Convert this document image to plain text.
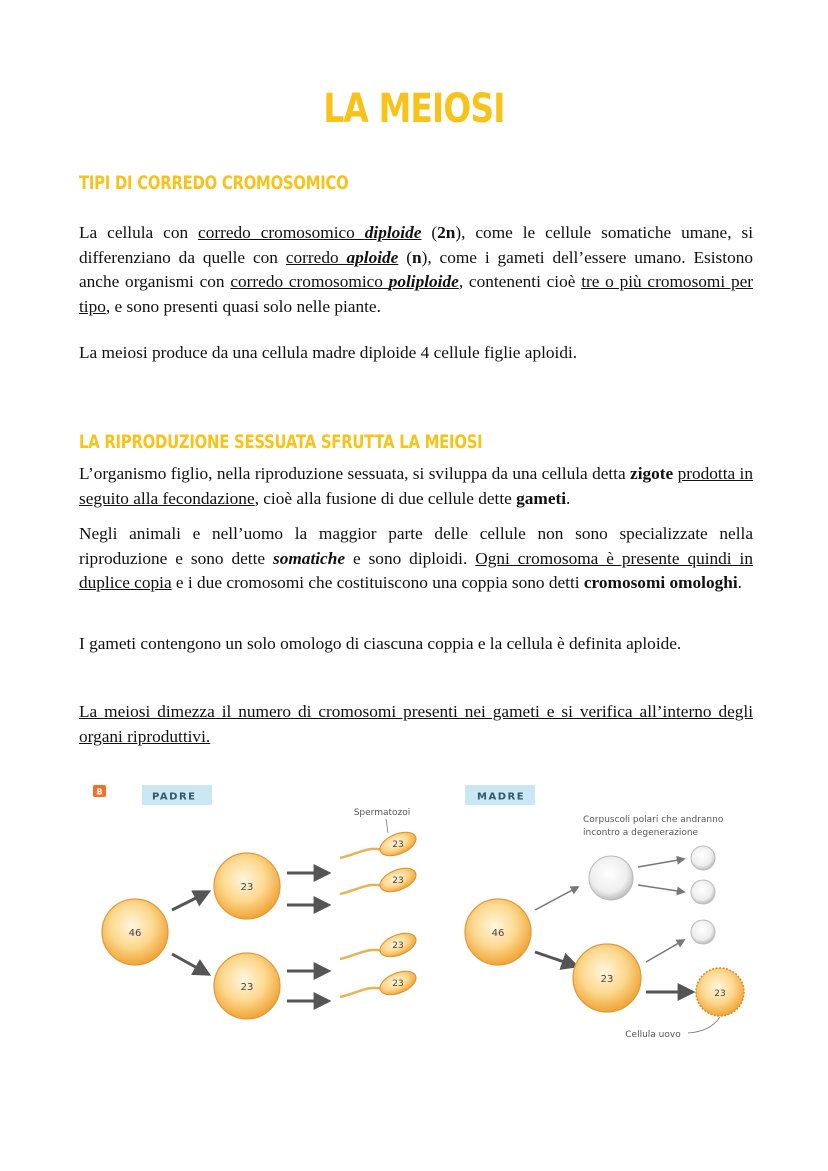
LA MEIOSI
TIPI DI CORREDO CROMOSOMICO
La cellula con corredo cromosomico diploide (2n), come le cellule somatiche umane, si differenziano da quelle con corredo aploide (n), come i gameti dell’essere umano. Esistono anche organismi con corredo cromosomico poliploide, contenenti cioè tre o più cromosomi per tipo, e sono presenti quasi solo nelle piante.
La meiosi produce da una cellula madre diploide 4 cellule figlie aploidi.
LA RIPRODUZIONE SESSUATA SFRUTTA LA MEIOSI
L’organismo figlio, nella riproduzione sessuata, si sviluppa da una cellula detta zigote prodotta in seguito alla fecondazione, cioè alla fusione di due cellule dette gameti.
Negli animali e nell’uomo la maggior parte delle cellule non sono specializzate nella riproduzione e sono dette somatiche e sono diploidi. Ogni cromosoma è presente quindi in duplice copia e i due cromosomi che costituiscono una coppia sono detti cromosomi omologhi.
I gameti contengono un solo omologo di ciascuna coppia e la cellula è definita aploide.
La meiosi dimezza il numero di cromosomi presenti nei gameti e si verifica all’interno degli organi riproduttivi.
B	PADRE	MADRE
Spermatozoi
46
23
23
23
23
23
23
Corpuscoli polari che andranno
incontro a degenerazione
46
23
23
Cellula uovo
